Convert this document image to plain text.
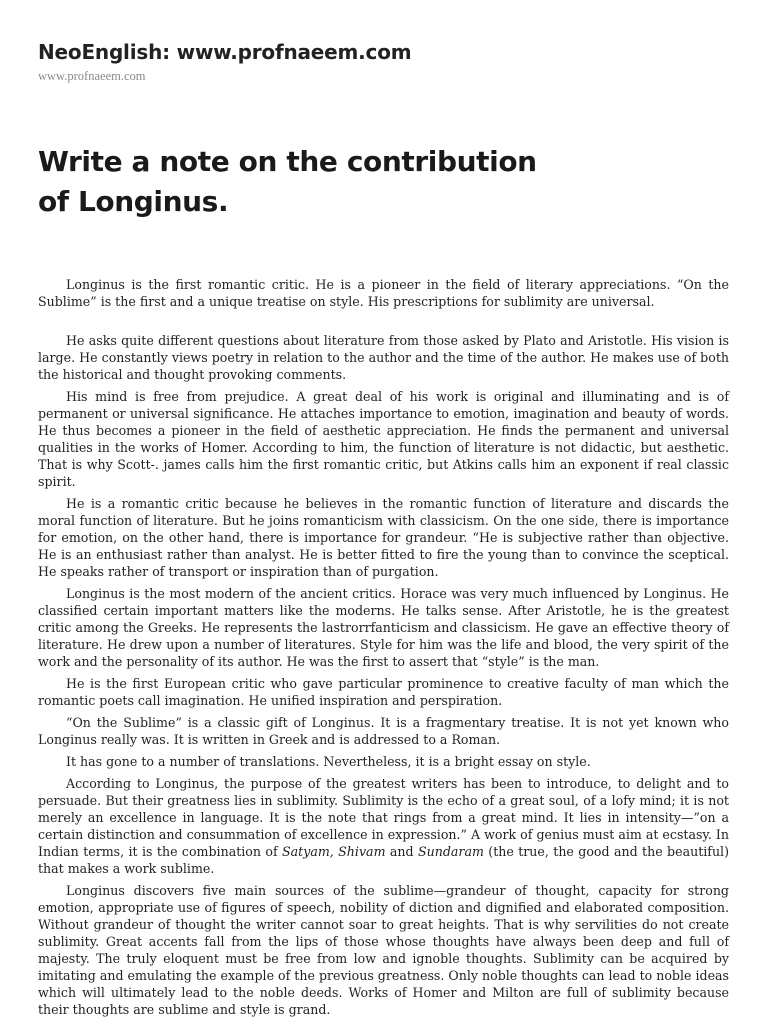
NeoEnglish: www.profnaeem.com
www.profnaeem.com
Write a note on the contribution
of Longinus.

Longinus is the first romantic critic. He is a pioneer in the field of literary appreciations. “On the Sublime” is the first and a unique treatise on style. His prescriptions for sublimity are universal.

He asks quite different questions about literature from those asked by Plato and Aristotle. His vision is large. He constantly views poetry in relation to the author and the time of the author. He makes use of both the historical and thought provoking comments.

His mind is free from prejudice. A great deal of his work is original and illuminating and is of permanent or universal significance. He attaches importance to emotion, imagination and beauty of words. He thus becomes a pioneer in the field of aesthetic appreciation. He finds the permanent and universal qualities in the works of Homer. According to him, the function of literature is not didactic, but aesthetic. That is why Scott-. james calls him the first romantic critic, but Atkins calls him an exponent if real classic spirit.

He is a romantic critic because he believes in the romantic function of literature and discards the moral function of literature. But he joins romanticism with classicism. On the one side, there is importance for emotion, on the other hand, there is importance for grandeur. “He is subjective rather than objective. He is an enthusiast rather than analyst. He is better fitted to fire the young than to convince the sceptical. He speaks rather of transport or inspiration than of purgation.

Longinus is the most modern of the ancient critics. Horace was very much influenced by Longinus. He classified certain important matters like the moderns. He talks sense. After Aristotle, he is the greatest critic among the Greeks. He represents the lastrorrfanticism and classicism. He gave an effective theory of literature. He drew upon a number of literatures. Style for him was the life and blood, the very spirit of the work and the personality of its author. He was the first to assert that “style” is the man.

He is the first European critic who gave particular prominence to creative faculty of man which the romantic poets call imagination. He unified inspiration and perspiration.

“On the Sublime” is a classic gift of Longinus. It is a fragmentary treatise. It is not yet known who Longinus really was. It is written in Greek and is addressed to a Roman.

It has gone to a number of translations. Nevertheless, it is a bright essay on style.

According to Longinus, the purpose of the greatest writers has been to introduce, to delight and to persuade. But their greatness lies in sublimity. Sublimity is the echo of a great soul, of a lofy mind; it is not merely an excellence in language. It is the note that rings from a great mind. It lies in intensity—”on a certain distinction and consummation of excellence in expression.” A work of genius must aim at ecstasy. In Indian terms, it is the combination of Satyam, Shivam and Sundaram (the true, the good and the beautiful) that makes a work sublime.

Longinus discovers five main sources of the sublime—grandeur of thought, capacity for strong emotion, appropriate use of figures of speech, nobility of diction and dignified and elaborated composition. Without grandeur of thought the writer cannot soar to great heights. That is why servilities do not create sublimity. Great accents fall from the lips of those whose thoughts have always been deep and full of majesty. The truly eloquent must be free from low and ignoble thoughts. Sublimity can be acquired by imitating and emulating the example of the previous greatness. Only noble thoughts can lead to noble ideas which will ultimately lead to the noble deeds. Works of Homer and Milton are full of sublimity because their thoughts are sublime and style is grand.
